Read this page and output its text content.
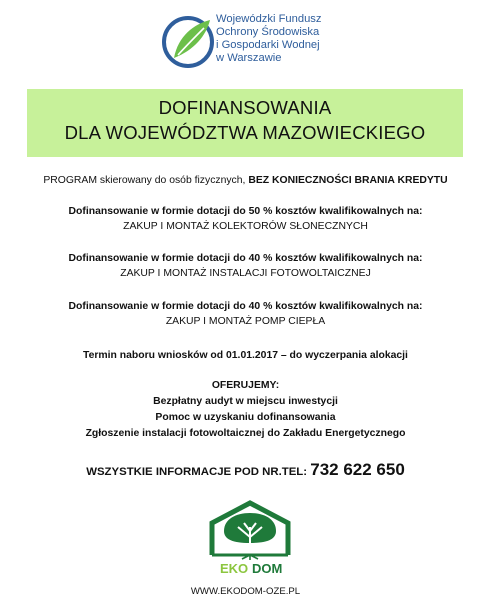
Wojewódzki Fundusz
Ochrony Środowiska
i Gospodarki Wodnej
w Warszawie
DOFINANSOWANIA
DLA WOJEWÓDZTWA MAZOWIECKIEGO
PROGRAM skierowany do osób fizycznych, BEZ KONIECZNOŚCI BRANIA KREDYTU
Dofinansowanie w formie dotacji do 50 % kosztów kwalifikowalnych na:
ZAKUP I MONTAŻ KOLEKTORÓW SŁONECZNYCH
Dofinansowanie w formie dotacji do 40 % kosztów kwalifikowalnych na:
ZAKUP I MONTAŻ INSTALACJI FOTOWOLTAICZNEJ
Dofinansowanie w formie dotacji do 40 % kosztów kwalifikowalnych na:
ZAKUP I MONTAŻ POMP CIEPŁA
Termin naboru wniosków od 01.01.2017 – do wyczerpania alokacji
OFERUJEMY:
Bezpłatny audyt w miejscu inwestycji
Pomoc w uzyskaniu dofinansowania
Zgłoszenie instalacji fotowoltaicznej do Zakładu Energetycznego
WSZYSTKIE INFORMACJE POD NR.TEL: 732 622 650
EKO DOM
WWW.EKODOM-OZE.PL
